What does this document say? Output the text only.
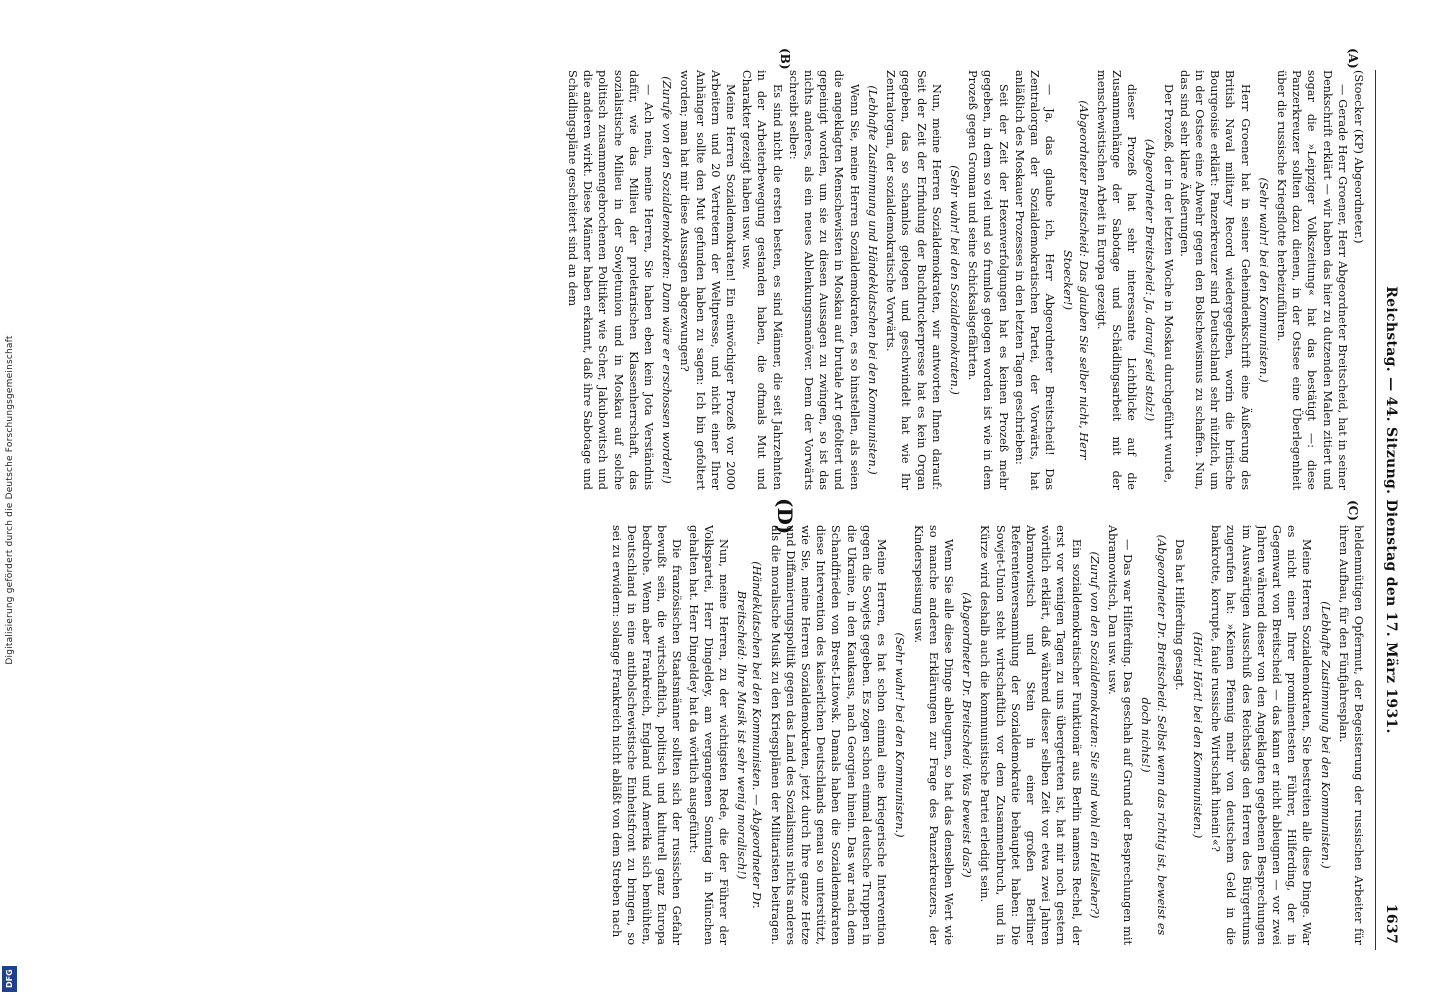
Digitalisierung gefördert durch die Deutsche Forschungsgemeinschaft
DFG
Reichstag. — 44. Sitzung. Dienstag den 17. März 1931.
1637
(A)
(B)
(C)
(D)

(Stoecker (KP) Abgeordneter.)

— Gerade Herr Groener, Herr Abgeordneter Breitscheid, hat in seiner Denkschrift erklärt — wir haben das hier zu dutzenden Malen zitiert und sogar die »Leipziger Volkszeitung« hat das bestätigt —: diese Panzerkreuzer sollten dazu dienen, in der Ostsee eine Überlegenheit über die russische Kriegsflotte herbeizuführen.

(Sehr wahr! bei den Kommunisten.)

Herr Groener hat in seiner Geheimdenkschrift eine Äußerung des British Naval military Record wiedergegeben, worin die britische Bourgeoisie erklärt: Panzerkreuzer sind Deutschland sehr nützlich, um in der Ostsee eine Abwehr gegen den Bolschewismus zu schaffen. Nun, das sind sehr klare Äußerungen.

Der Prozeß, der in der letzten Woche in Moskau durchgeführt wurde,

(Abgeordneter Breitscheid: Ja, darauf seid stolz!)

dieser Prozeß hat sehr interessante Lichtblicke auf die Zusammenhänge der Sabotage und Schädlingsarbeit mit der menschewistischen Arbeit in Europa gezeigt.

(Abgeordneter Breitscheid: Das glauben Sie selber nicht, Herr Stoecker!)

— Ja, das glaube ich, Herr Abgeordneter Breitscheid! Das Zentralorgan der Sozialdemokratischen Partei, der Vorwärts, hat anläßlich des Moskauer Prozesses in den letzten Tagen geschrieben:

Seit der Zeit der Hexenverfolgungen hat es keinen Prozeß mehr gegeben, in dem so viel und so frumlos gelogen worden ist wie in dem Prozeß gegen Groman und seine Schicksalsgefährten.

(Sehr wahr! bei den Sozialdemokraten.)

Nun, meine Herren Sozialdemokraten, wir antworten Ihnen darauf: Seit der Zeit der Erfindung der Buchdruckerpresse hat es kein Organ gegeben, das so schamlos gelogen und geschwindelt hat wie Ihr Zentralorgan, der sozialdemokratische Vorwärts.

(Lebhafte Zustimmung und Händeklatschen bei den Kommunisten.)

Wenn Sie, meine Herren Sozialdemokraten, es so hinstellen, als seien die angeklagten Menschewisten in Moskau auf brutale Art gefoltert und gepeinigt worden, um sie zu diesen Aussagen zu zwingen, so ist das nichts anderes, als ein neues Ablenkungsmanöver. Denn der Vorwärts schreibt selber:

Es sind nicht die ersten besten, es sind Männer, die seit Jahrzehnten in der Arbeiterbewegung gestanden haben, die oftmals Mut und Charakter gezeigt haben usw. usw.

Meine Herren Sozialdemokraten! Ein einwöchiger Prozeß vor 2000 Arbeitern und 20 Vertretern der Weltpresse, und nicht einer Ihrer Anhänger sollte den Mut gefunden haben zu sagen: Ich bin gefoltert worden; man hat mir diese Aussagen abgezwungen?

(Zurufe von den Sozialdemokraten: Dann wäre er erschossen worden!)

— Ach nein, meine Herren, Sie haben eben kein Jota Verständnis dafür, wie das Milieu der proletarischen Klassenherrschaft, das sozialistische Milieu in der Sowjetunion und in Moskau auf solche politisch zusammengebrochenen Politiker wie Scher, Jakubowitsch und die anderen wirkt. Diese Männer haben erkannt, daß ihre Sabotage und Schädlingspläne gescheitert sind an dem

heldenmütigen Opfermut, der Begeisterung der russischen Arbeiter für ihren Aufbau, für den Fünfjahresplan.

(Lebhafte Zustimmung bei den Kommunisten.)

Meine Herren Sozialdemokraten, Sie bestreiten alle diese Dinge. War es nicht einer Ihrer prominentesten Führer, Hilferding, der in Gegenwart von Breitscheid — das kann er nicht ableugnen — vor zwei Jahren während dieser von den Angeklagten gegebenen Besprechungen im Auswärtigen Ausschuß des Reichstags den Herren des Bürgertums zugerufen hat: »Keinen Pfennig mehr von deutschem Geld in die bankrotte, korrupte, faule russische Wirtschaft hinein!«?

(Hört! Hört! bei den Kommunisten.)

Das hat Hilferding gesagt.

(Abgeordneter Dr. Breitscheid: Selbst wenn das richtig ist, beweist es doch nichts!)

— Das war Hilferding. Das geschah auf Grund der Besprechungen mit Abramowitsch, Dan usw. usw.

(Zuruf von den Sozialdemokraten: Sie sind wohl ein Hellseher?)

Ein sozialdemokratischer Funktionär aus Berlin namens Rechel, der erst vor wenigen Tagen zu uns übergetreten ist, hat mir noch gestern wörtlich erklärt, daß während dieser selben Zeit vor etwa zwei Jahren Abramowitsch und Stein in einer großen Berliner Referentenversammlung der Sozialdemokratie behauptet haben: Die Sowjet-Union steht wirtschaftlich vor dem Zusammenbruch, und in Kürze wird deshalb auch die kommunistische Partei erledigt sein.

(Abgeordneter Dr. Breitscheid: Was beweist das?)

Wenn Sie alle diese Dinge ableugnen, so hat das denselben Wert wie so manche anderen Erklärungen zur Frage des Panzerkreuzers, der Kinderspeisung usw.

(Sehr wahr! bei den Kommunisten.)

Meine Herren, es hat schon einmal eine kriegerische Intervention gegen die Sowjets gegeben. Es zogen schon einmal deutsche Truppen in die Ukraine, in den Kaukasus, nach Georgien hinein. Das war nach dem Schandfrieden von Brest-Litowsk. Damals haben die Sozialdemokraten diese Intervention des kaiserlichen Deutschlands genau so unterstützt, wie Sie, meine Herren Sozialdemokraten, jetzt durch Ihre ganze Hetze und Diffamierungspolitik gegen das Land des Sozialismus nichts anderes als die moralische Musik zu den Kriegsplänen der Militaristen beitragen.

(Händeklatschen bei den Kommunisten. — Abgeordneter Dr. Breitscheid: Ihre Musik ist sehr wenig moralisch!)

Nun, meine Herren, zu der wichtigsten Rede, die der Führer der Volkspartei, Herr Dingeldey, am vergangenen Sonntag in München gehalten hat. Herr Dingeldey hat da wörtlich ausgeführt:

Die französischen Staatsmänner sollten sich der russischen Gefahr bewußt sein, die wirtschaftlich, politisch und kulturell ganz Europa bedrohe. Wenn aber Frankreich, England und Amerika sich bemühten, Deutschland in eine antibolschewistische Einheitsfront zu bringen, so sei zu erwidern: solange Frankreich nicht abläßt von dem Streben nach
